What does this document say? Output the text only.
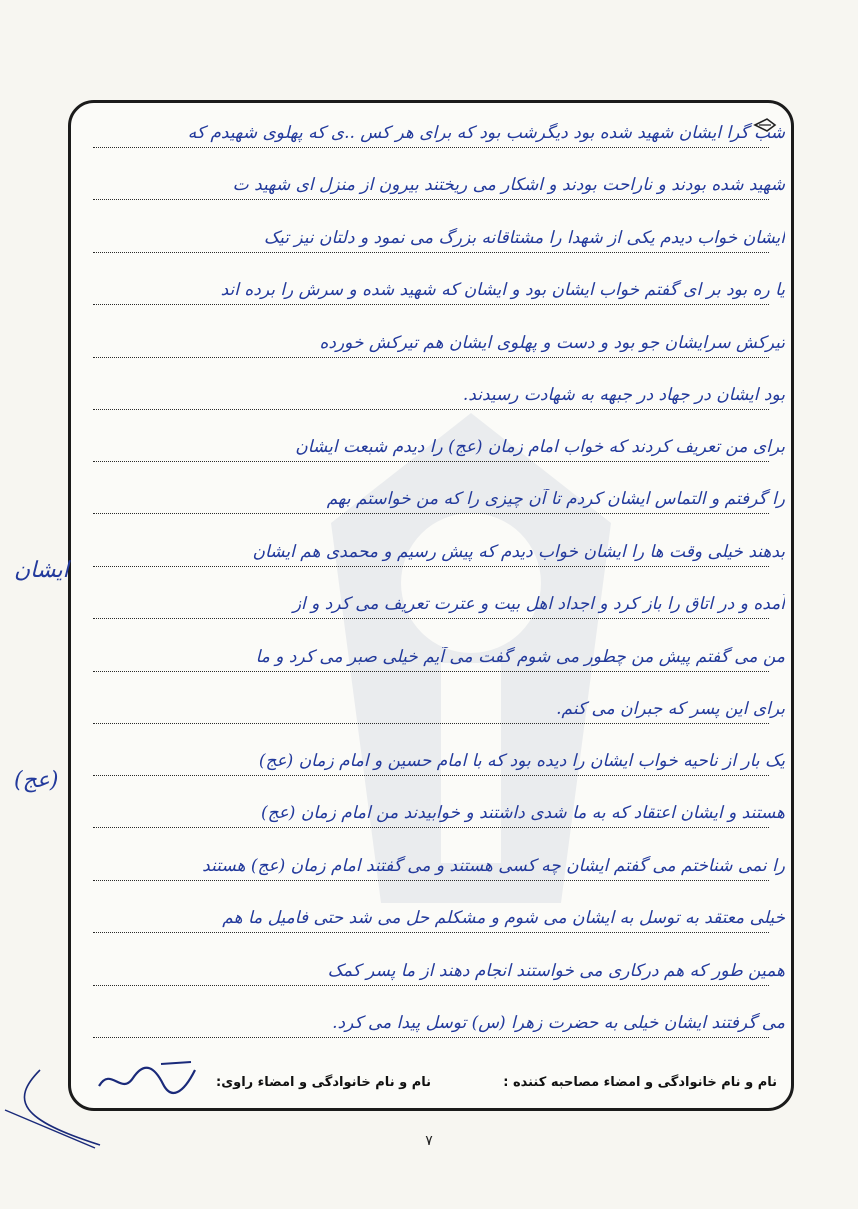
شب گرا ایشان شهید شده بود دیگرشب بود که برای هر کس ..ی که پهلوی شهیدم که
شهید شده بودند و ناراحت بودند و اشکار می ریختند بیرون از منزل ای شهید ت
ایشان خواب دیدم یکی از شهدا را مشتاقانه بزرگ می نمود و دلتان نیز تیک
یا ره بود بر ای گفتم خواب ایشان بود و ایشان که شهید شده و سرش را برده اند
تیرکش سرایشان جو بود و دست و پهلوی ایشان هم تیرکش خورده
بود ایشان در جهاد در جبهه به شهادت رسیدند.
برای من تعریف کردند که خواب امام زمان (عج) را دیدم شبعت ایشان
را گرفتم و التماس ایشان کردم تا آن چیزی را که من خواستم بهم
بدهند خیلی وقت ها را ایشان خواب دیدم که پیش رسیم و محمدی هم ایشان
آمده و در اتاق را باز کرد و اجداد اهل بیت و عترت تعریف می کرد و از
من می گفتم پیش من چطور می شوم گفت می آیم خیلی صبر می کرد و ما
برای این پسر که جبران می کنم.
یک بار از ناحیه خواب ایشان را دیده بود که با امام حسین و امام زمان (عج)
هستند و ایشان اعتقاد که به ما شدی داشتند و خوابیدند من امام زمان (عج)
را نمی شناختم می گفتم ایشان چه کسی هستند و می گفتند امام زمان (عج) هستند
خیلی معتقد به توسل به ایشان می شوم و مشکلم حل می شد حتی فامیل ما هم
همین طور که هم درکاری می خواستند انجام دهند از ما پسر کمک
می گرفتند ایشان خیلی به حضرت زهرا (س) توسل پیدا می کرد.
نام و نام خانوادگی و امضاء مصاحبه کننده :
نام و نام خانوادگی و امضاء راوی:
ایشان
(عج)
۷
